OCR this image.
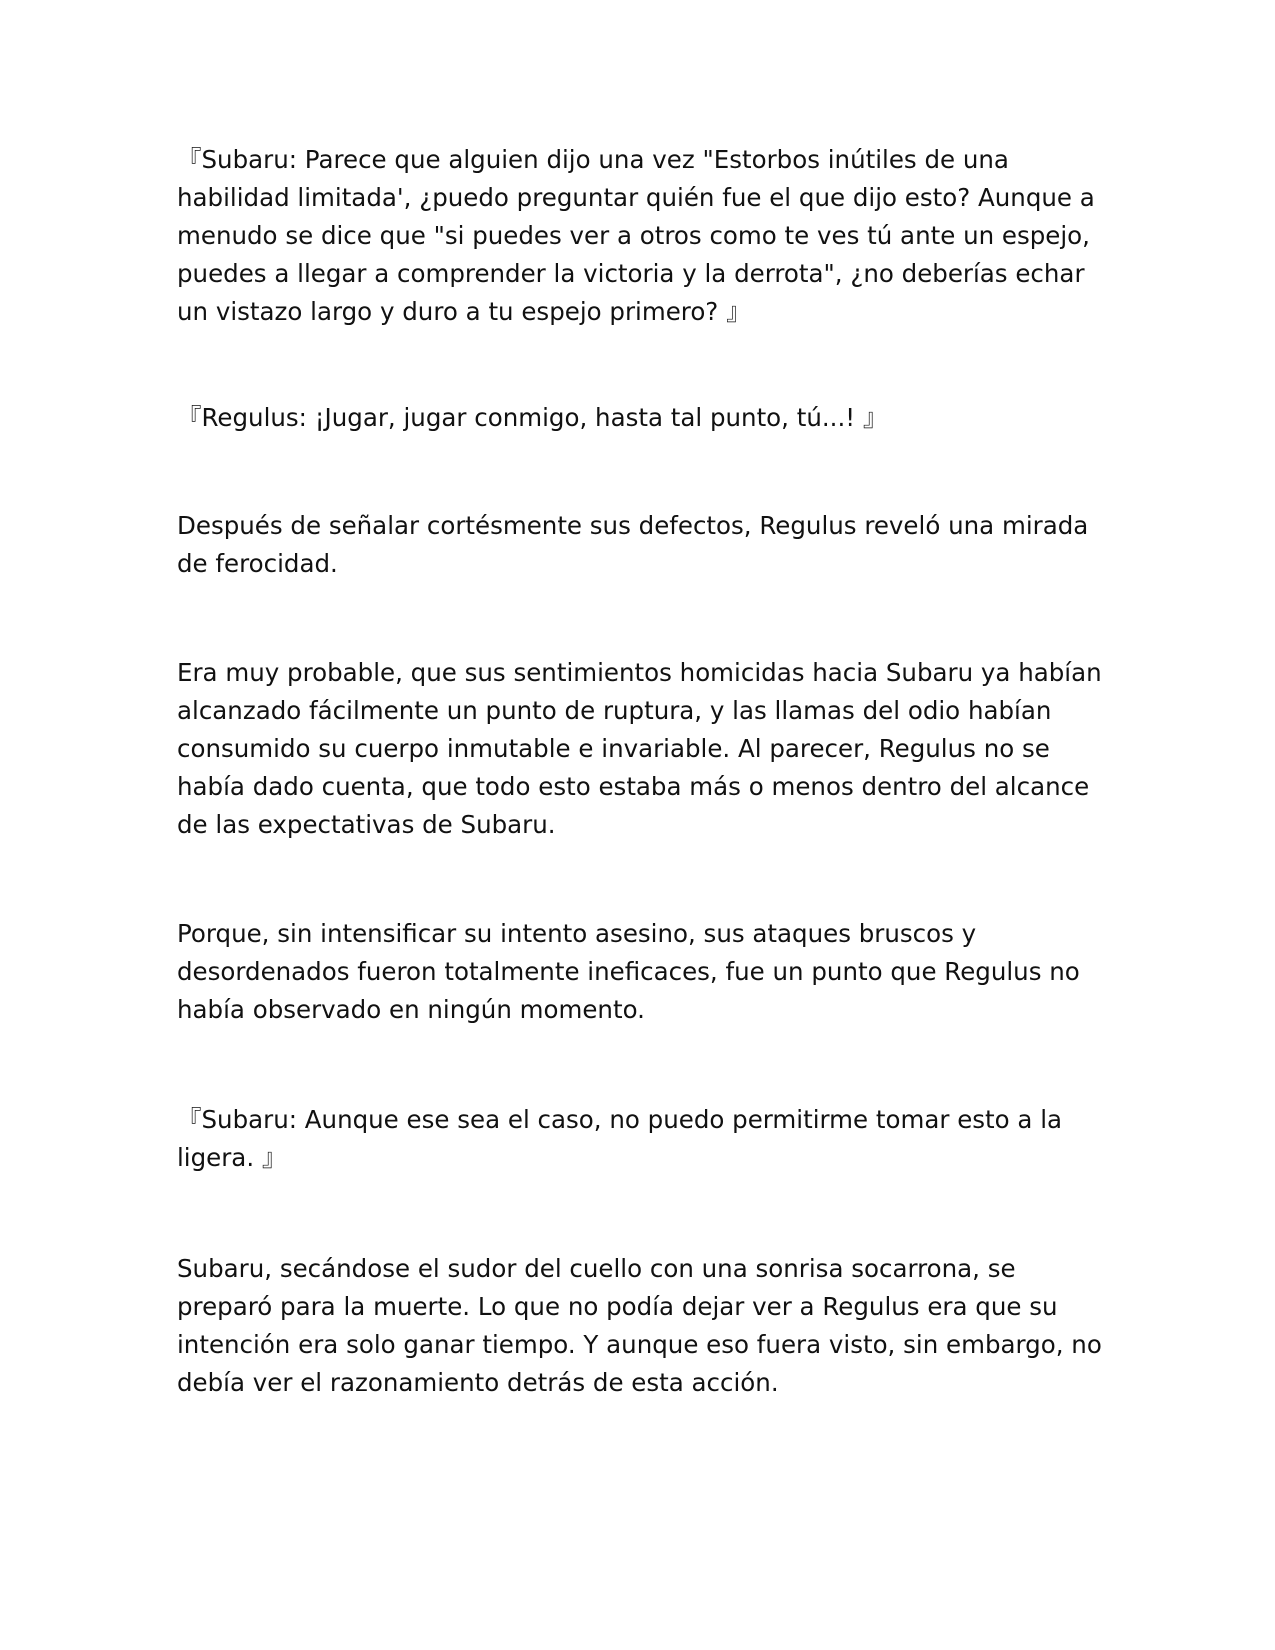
『Subaru: Parece que alguien dijo una vez "Estorbos inútiles de una habilidad limitada', ¿puedo preguntar quién fue el que dijo esto? Aunque a menudo se dice que "si puedes ver a otros como te ves tú ante un espejo, puedes a llegar a comprender la victoria y la derrota", ¿no deberías echar un vistazo largo y duro a tu espejo primero? 』

『Regulus: ¡Jugar, jugar conmigo, hasta tal punto, tú...! 』

Después de señalar cortésmente sus defectos, Regulus reveló una mirada de ferocidad.

Era muy probable, que sus sentimientos homicidas hacia Subaru ya habían alcanzado fácilmente un punto de ruptura, y las llamas del odio habían consumido su cuerpo inmutable e invariable. Al parecer, Regulus no se había dado cuenta, que todo esto estaba más o menos dentro del alcance de las expectativas de Subaru.

Porque, sin intensificar su intento asesino, sus ataques bruscos y desordenados fueron totalmente ineficaces, fue un punto que Regulus no había observado en ningún momento.

『Subaru: Aunque ese sea el caso, no puedo permitirme tomar esto a la ligera. 』

Subaru, secándose el sudor del cuello con una sonrisa socarrona, se preparó para la muerte. Lo que no podía dejar ver a Regulus era que su intención era solo ganar tiempo. Y aunque eso fuera visto, sin embargo, no debía ver el razonamiento detrás de esta acción.
